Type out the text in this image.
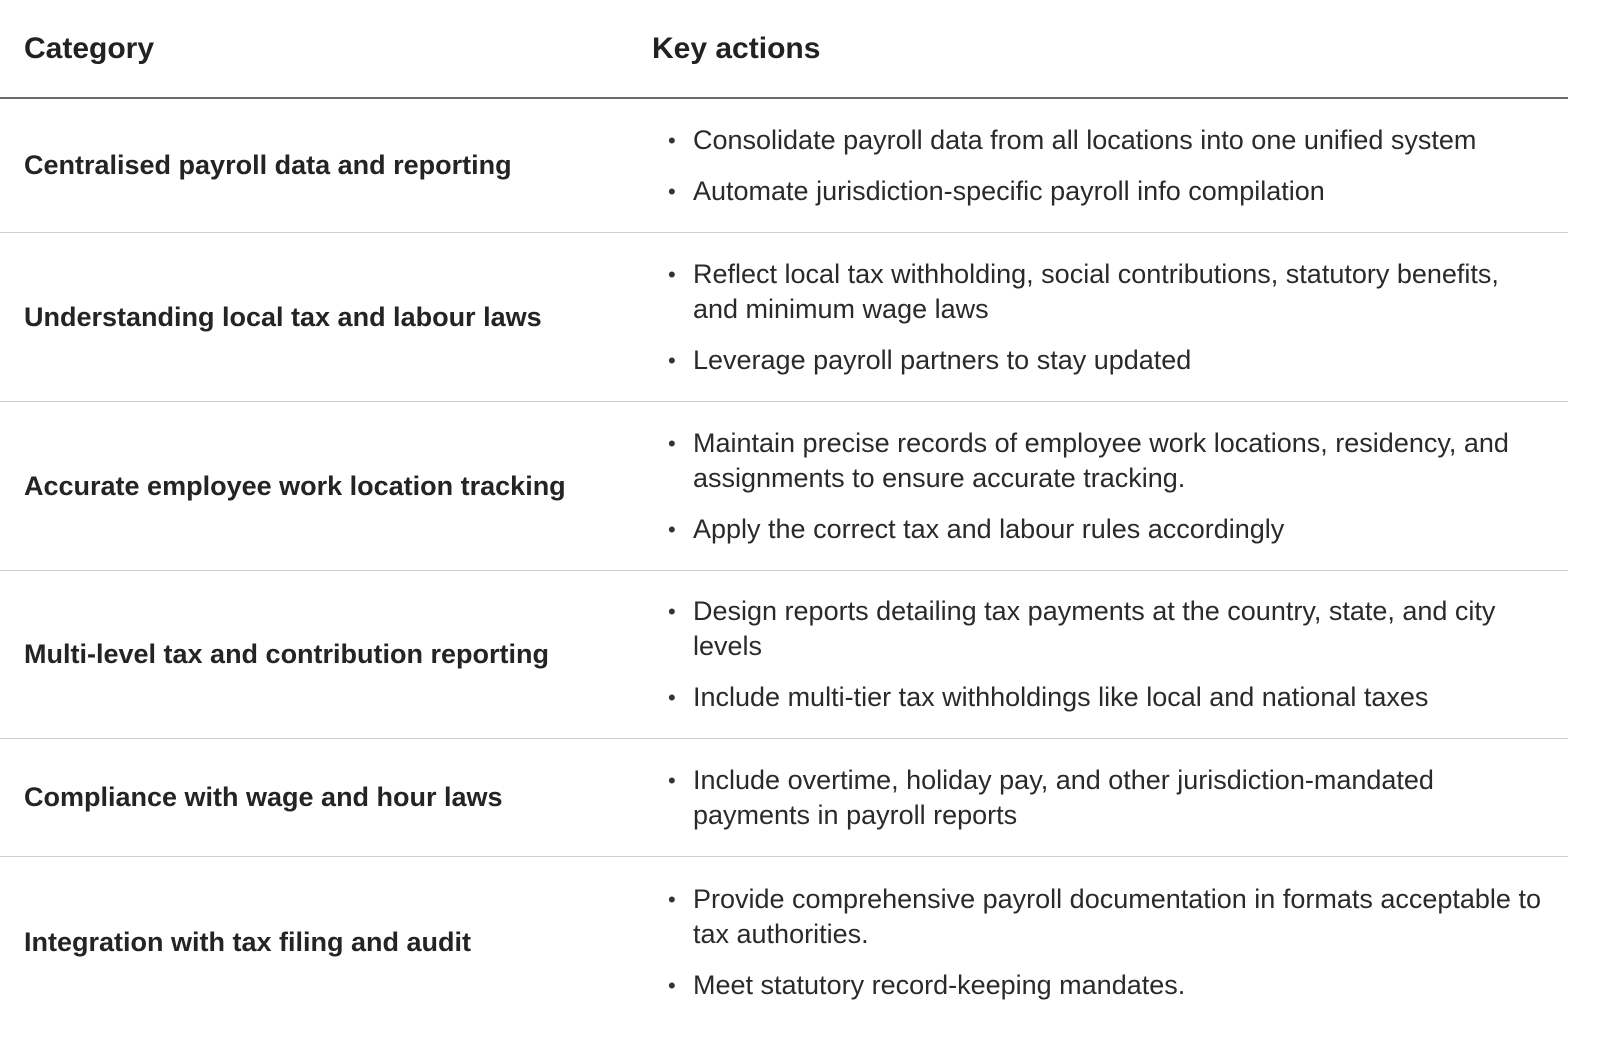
Category	Key actions
Centralised payroll data and reporting
• Consolidate payroll data from all locations into one unified system
• Automate jurisdiction-specific payroll info compilation
Understanding local tax and labour laws
• Reflect local tax withholding, social contributions, statutory benefits, and minimum wage laws
• Leverage payroll partners to stay updated
Accurate employee work location tracking
• Maintain precise records of employee work locations, residency, and assignments to ensure accurate tracking.
• Apply the correct tax and labour rules accordingly
Multi-level tax and contribution reporting
• Design reports detailing tax payments at the country, state, and city levels
• Include multi-tier tax withholdings like local and national taxes
Compliance with wage and hour laws
• Include overtime, holiday pay, and other jurisdiction-mandated payments in payroll reports
Integration with tax filing and audit
• Provide comprehensive payroll documentation in formats acceptable to tax authorities.
• Meet statutory record-keeping mandates.
